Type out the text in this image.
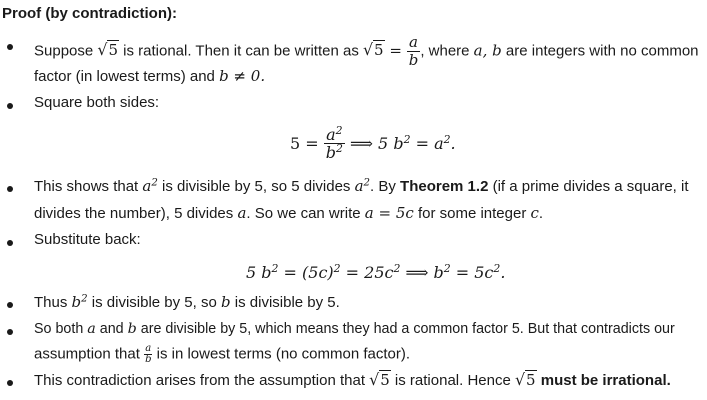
Proof (by contradiction):
Suppose √5 is rational. Then it can be written as $√5 = \frac{a}{b}$ , where a, b are integers with no common
factor (in lowest terms) and b ≠ 0.
Square both sides:
$5 = \frac{a^2}{b^2}$ ⟹ 5 $b^2 = a^2$.
This shows that $a^2$ is divisible by 5, so 5 divides $a^2$. By Theorem 1.2 (if a prime divides a square, it
divides the number), 5 divides a. So we can write a = 5c for some integer c.
Substitute back:
5 $b^2 = (5c)^2 = 25c^2$ ⟹ $b^2 = 5c^2$.
Thus $b^2$ is divisible by 5, so b is divisible by 5.
So both a and b are divisible by 5, which means they had a common factor 5. But that contradicts our
assumption that $\frac{a}{b}$ is in lowest terms (no common factor).
This contradiction arises from the assumption that √5 is rational. Hence √5 must be irrational.
